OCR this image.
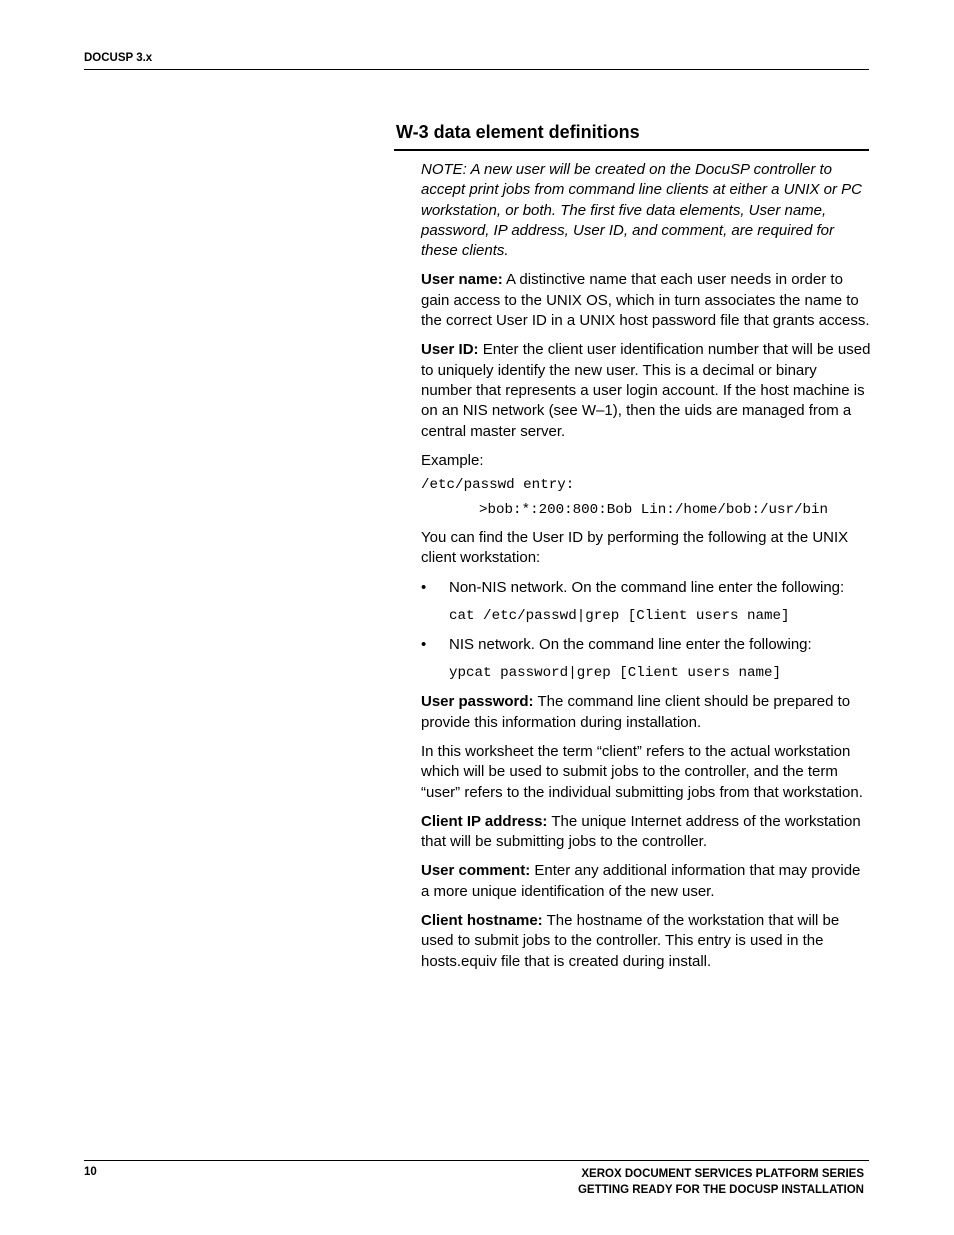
DOCUSP 3.x
W-3 data element definitions

NOTE: A new user will be created on the DocuSP controller to accept print jobs from command line clients at either a UNIX or PC workstation, or both. The first five data elements, User name, password, IP address, User ID, and comment, are required for these clients.

User name: A distinctive name that each user needs in order to gain access to the UNIX OS, which in turn associates the name to the correct User ID in a UNIX host password file that grants access.

User ID: Enter the client user identification number that will be used to uniquely identify the new user. This is a decimal or binary number that represents a user login account. If the host machine is on an NIS network (see W–1), then the uids are managed from a central master server.

Example:

/etc/passwd entry:
>bob:*:200:800:Bob Lin:/home/bob:/usr/bin

You can find the User ID by performing the following at the UNIX client workstation:

• Non-NIS network. On the command line enter the following:
cat /etc/passwd|grep [Client users name]
• NIS network. On the command line enter the following:
ypcat password|grep [Client users name]

User password: The command line client should be prepared to provide this information during installation.

In this worksheet the term “client” refers to the actual workstation which will be used to submit jobs to the controller, and the term “user” refers to the individual submitting jobs from that workstation.

Client IP address: The unique Internet address of the workstation that will be submitting jobs to the controller.

User comment: Enter any additional information that may provide a more unique identification of the new user.

Client hostname: The hostname of the workstation that will be used to submit jobs to the controller. This entry is used in the hosts.equiv file that is created during install.

10	XEROX DOCUMENT SERVICES PLATFORM SERIES
GETTING READY FOR THE DOCUSP INSTALLATION
